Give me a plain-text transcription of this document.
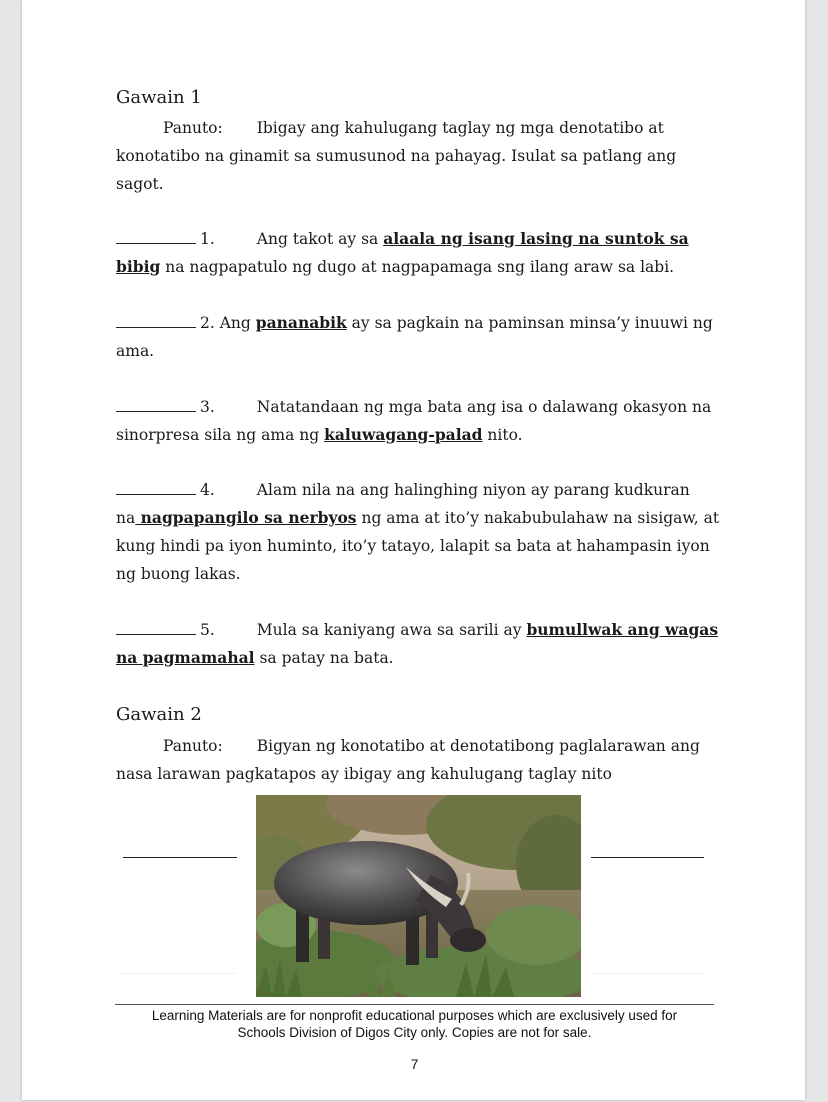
Gawain 1
Panuto: Ibigay ang kahulugang taglay ng mga denotatibo at
konotatibo na ginamit sa sumusunod na pahayag. Isulat sa patlang ang
sagot.
1.	Ang takot ay sa alaala ng isang lasing na suntok sa
bibig na nagpapatulo ng dugo at nagpapamaga sng ilang araw sa labi.
2. Ang pananabik ay sa pagkain na paminsan minsa’y inuuwi ng
ama.
3.	Natatandaan ng mga bata ang isa o dalawang okasyon na
sinorpresa sila ng ama ng kaluwagang-palad nito.
4.	Alam nila na ang halinghing niyon ay parang kudkuran
na nagpapangilo sa nerbyos ng ama at ito’y nakabubulahaw na sisigaw, at
kung hindi pa iyon huminto, ito’y tatayo, lalapit sa bata at hahampasin iyon
ng buong lakas.
5.	Mula sa kaniyang awa sa sarili ay bumullwak ang wagas
na pagmamahal sa patay na bata.
Gawain 2
Panuto: Bigyan ng konotatibo at denotatibong paglalarawan ang
nasa larawan pagkatapos ay ibigay ang kahulugang taglay nito
Learning Materials are for nonprofit educational purposes which are exclusively used for
Schools Division of Digos City only. Copies are not for sale.
7
